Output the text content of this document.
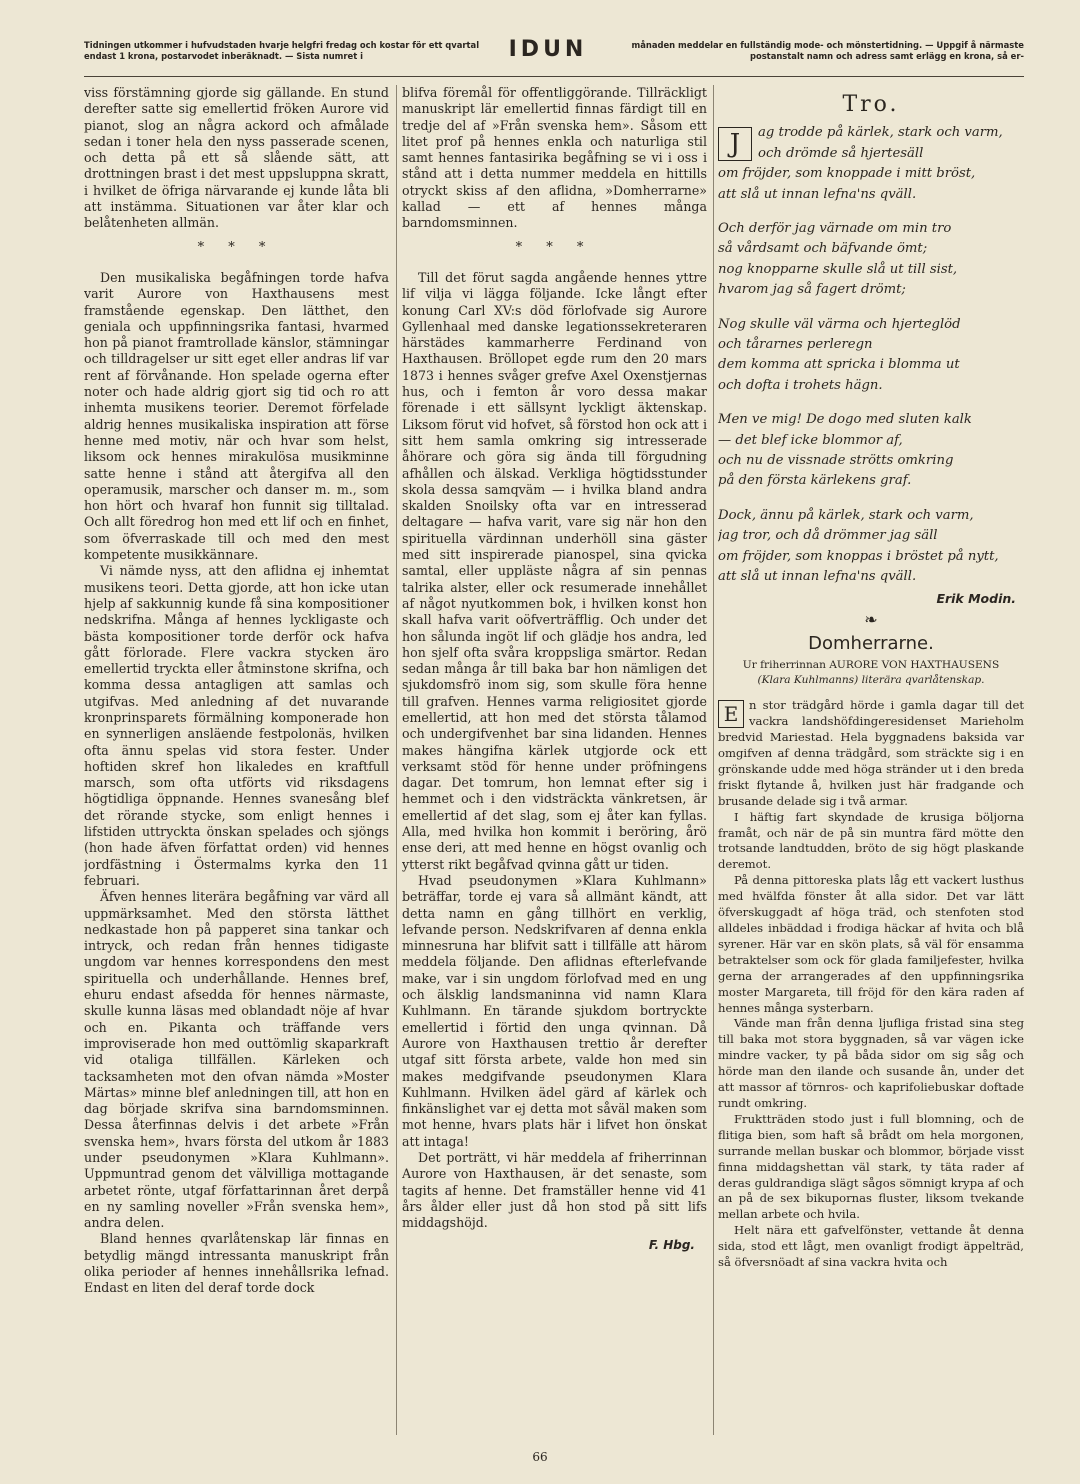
Tidningen utkommer i hufvudstaden hvarje helgfri fredag och kostar för ett qvartal endast 1 krona, postarvodet inberäknadt. — Sista numret i	IDUN	månaden meddelar en fullständig mode- och mönstertidning. — Uppgif å närmaste postanstalt namn och adress samt erlägg en krona, så er-

viss förstämning gjorde sig gällande. En stund derefter satte sig emellertid fröken Aurore vid pianot, slog an några ackord och afmålade sedan i toner hela den nyss passerade scenen, och detta på ett så slående sätt, att drottningen brast i det mest uppsluppna skratt, i hvilket de öfriga närvarande ej kunde låta bli att instämma. Situationen var åter klar och belåtenheten allmän.

* * *

Den musikaliska begåfningen torde hafva varit Aurore von Haxthausens mest framstående egenskap. Den lätthet, den geniala och uppfinningsrika fantasi, hvarmed hon på pianot framtrollade känslor, stämningar och tilldragelser ur sitt eget eller andras lif var rent af förvånande. Hon spelade ogerna efter noter och hade aldrig gjort sig tid och ro att inhemta musikens teorier. Deremot förfelade aldrig hennes musikaliska inspiration att förse henne med motiv, när och hvar som helst, liksom ock hennes mirakulösa musikminne satte henne i stånd att återgifva all den operamusik, marscher och danser m. m., som hon hört och hvaraf hon funnit sig tilltalad. Och allt föredrog hon med ett lif och en finhet, som öfverraskade till och med den mest kompetente musikkännare.

Vi nämde nyss, att den aflidna ej inhemtat musikens teori. Detta gjorde, att hon icke utan hjelp af sakkunnig kunde få sina kompositioner nedskrifna. Många af hennes lyckligaste och bästa kompositioner torde derför ock hafva gått förlorade. Flere vackra stycken äro emellertid tryckta eller åtminstone skrifna, och komma dessa antagligen att samlas och utgifvas. Med anledning af det nuvarande kronprinsparets förmälning komponerade hon en synnerligen ansläende festpolonäs, hvilken ofta ännu spelas vid stora fester. Under hoftiden skref hon likaledes en kraftfull marsch, som ofta utförts vid riksdagens högtidliga öppnande. Hennes svanesång blef det rörande stycke, som enligt hennes i lifstiden uttryckta önskan spelades och sjöngs (hon hade äfven författat orden) vid hennes jordfästning i Östermalms kyrka den 11 februari.

Äfven hennes literära begåfning var värd all uppmärksamhet. Med den största lätthet nedkastade hon på papperet sina tankar och intryck, och redan från hennes tidigaste ungdom var hennes korrespondens den mest spirituella och underhållande. Hennes bref, ehuru endast afsedda för hennes närmaste, skulle kunna läsas med oblandadt nöje af hvar och en. Pikanta och träffande vers improviserade hon med outtömlig skaparkraft vid otaliga tillfällen. Kärleken och tacksamheten mot den ofvan nämda »Moster Märtas» minne blef anledningen till, att hon en dag började skrifva sina barndomsminnen. Dessa återfinnas delvis i det arbete »Från svenska hem», hvars första del utkom år 1883 under pseudonymen »Klara Kuhlmann». Uppmuntrad genom det välvilliga mottagande arbetet rönte, utgaf författarinnan året derpå en ny samling noveller »Från svenska hem», andra delen.

Bland hennes qvarlåtenskap lär finnas en betydlig mängd intressanta manuskript från olika perioder af hennes innehållsrika lefnad. Endast en liten del deraf torde dock

blifva föremål för offentliggörande. Tillräckligt manuskript lär emellertid finnas färdigt till en tredje del af »Från svenska hem». Såsom ett litet prof på hennes enkla och naturliga stil samt hennes fantasirika begåfning se vi i oss i stånd att i detta nummer meddela en hittills otryckt skiss af den aflidna, »Domherrarne» kallad — ett af hennes många barndomsminnen.

* * *

Till det förut sagda angående hennes yttre lif vilja vi lägga följande. Icke långt efter konung Carl XV:s död förlofvade sig Aurore Gyllenhaal med danske legationssekreteraren härstädes kammarherre Ferdinand von Haxthausen. Bröllopet egde rum den 20 mars 1873 i hennes svåger grefve Axel Oxenstjernas hus, och i femton år voro dessa makar förenade i ett sällsynt lyckligt äktenskap. Liksom förut vid hofvet, så förstod hon ock att i sitt hem samla omkring sig intresserade åhörare och göra sig ända till förgudning afhållen och älskad. Verkliga högtidsstunder skola dessa samqväm — i hvilka bland andra skalden Snoilsky ofta var en intresserad deltagare — hafva varit, vare sig när hon den spirituella värdinnan underhöll sina gäster med sitt inspirerade pianospel, sina qvicka samtal, eller uppläste några af sin pennas talrika alster, eller ock resumerade innehållet af något nyutkommen bok, i hvilken konst hon skall hafva varit oöfverträfflig. Och under det hon sålunda ingöt lif och glädje hos andra, led hon sjelf ofta svåra kroppsliga smärtor. Redan sedan många år till baka bar hon nämligen det sjukdomsfrö inom sig, som skulle föra henne till grafven. Hennes varma religiositet gjorde emellertid, att hon med det största tålamod och undergifvenhet bar sina lidanden. Hennes makes hängifna kärlek utgjorde ock ett verksamt stöd för henne under pröfningens dagar. Det tomrum, hon lemnat efter sig i hemmet och i den vidsträckta vänkretsen, är emellertid af det slag, som ej åter kan fyllas. Alla, med hvilka hon kommit i beröring, årö ense deri, att med henne en högst ovanlig och ytterst rikt begåfvad qvinna gått ur tiden.

Hvad pseudonymen »Klara Kuhlmann» beträffar, torde ej vara så allmänt kändt, att detta namn en gång tillhört en verklig, lefvande person. Nedskrifvaren af denna enkla minnesruna har blifvit satt i tillfälle att härom meddela följande. Den aflidnas efterlefvande make, var i sin ungdom förlofvad med en ung och älsklig landsmaninna vid namn Klara Kuhlmann. En tärande sjukdom bortryckte emellertid i förtid den unga qvinnan. Då Aurore von Haxthausen trettio år derefter utgaf sitt första arbete, valde hon med sin makes medgifvande pseudonymen Klara Kuhlmann. Hvilken ädel gärd af kärlek och finkänslighet var ej detta mot såväl maken som mot henne, hvars plats här i lifvet hon önskat att intaga!

Det porträtt, vi här meddela af friherrinnan Aurore von Haxthausen, är det senaste, som tagits af henne. Det framställer henne vid 41 års ålder eller just då hon stod på sitt lifs middagshöjd.

F. Hbg.
Tro.
J	ag trodde på kärlek, stark och varm,
och drömde så hjertesäll
om fröjder, som knoppade i mitt bröst,
att slå ut innan lefna'ns qväll.
Och derför jag värnade om min tro
så vårdsamt och bäfvande ömt;
nog knopparne skulle slå ut till sist,
hvarom jag så fagert drömt;
Nog skulle väl värma och hjerteglöd
och tårarnes perleregn
dem komma att spricka i blomma ut
och dofta i trohets hägn.
Men ve mig! De dogo med sluten kalk
— det blef icke blommor af,
och nu de vissnade strötts omkring
på den första kärlekens graf.
Dock, ännu på kärlek, stark och varm,
jag tror, och då drömmer jag säll
om fröjder, som knoppas i bröstet på nytt,
att slå ut innan lefna'ns qväll.
Erik Modin.
❧
Domherrarne.
Ur friherrinnan AURORE VON HAXTHAUSENS
(Klara Kuhlmanns) literära qvarlåtenskap.

E n stor trädgård hörde i gamla dagar till det vackra landshöfdingeresidenset Marieholm bredvid Mariestad. Hela byggnadens baksida var omgifven af denna trädgård, som sträckte sig i en grönskande udde med höga stränder ut i den breda friskt flytande å, hvilken just här fradgande och brusande delade sig i två armar.

I häftig fart skyndade de krusiga böljorna framåt, och när de på sin muntra färd mötte den trotsande landtudden, bröto de sig högt plaskande deremot.

På denna pittoreska plats låg ett vackert lusthus med hvälfda fönster åt alla sidor. Det var lätt öfverskuggadt af höga träd, och stenfoten stod alldeles inbäddad i frodiga häckar af hvita och blå syrener. Här var en skön plats, så väl för ensamma betraktelser som ock för glada familjefester, hvilka gerna der arrangerades af den uppfinningsrika moster Margareta, till fröjd för den kära raden af hennes många systerbarn.

Vände man från denna ljufliga fristad sina steg till baka mot stora byggnaden, så var vägen icke mindre vacker, ty på båda sidor om sig såg och hörde man den ilande och susande ån, under det att massor af törnros- och kaprifoliebuskar doftade rundt omkring.

Fruktträden stodo just i full blomning, och de flitiga bien, som haft så brådt om hela morgonen, surrande mellan buskar och blommor, började visst finna middagshettan väl stark, ty täta rader af deras guldrandiga slägt sågos sömnigt krypa af och an på de sex bikupornas fluster, liksom tvekande mellan arbete och hvila.

Helt nära ett gafvelfönster, vettande åt denna sida, stod ett lågt, men ovanligt frodigt äppelträd, så öfversnöadt af sina vackra hvita och

66
